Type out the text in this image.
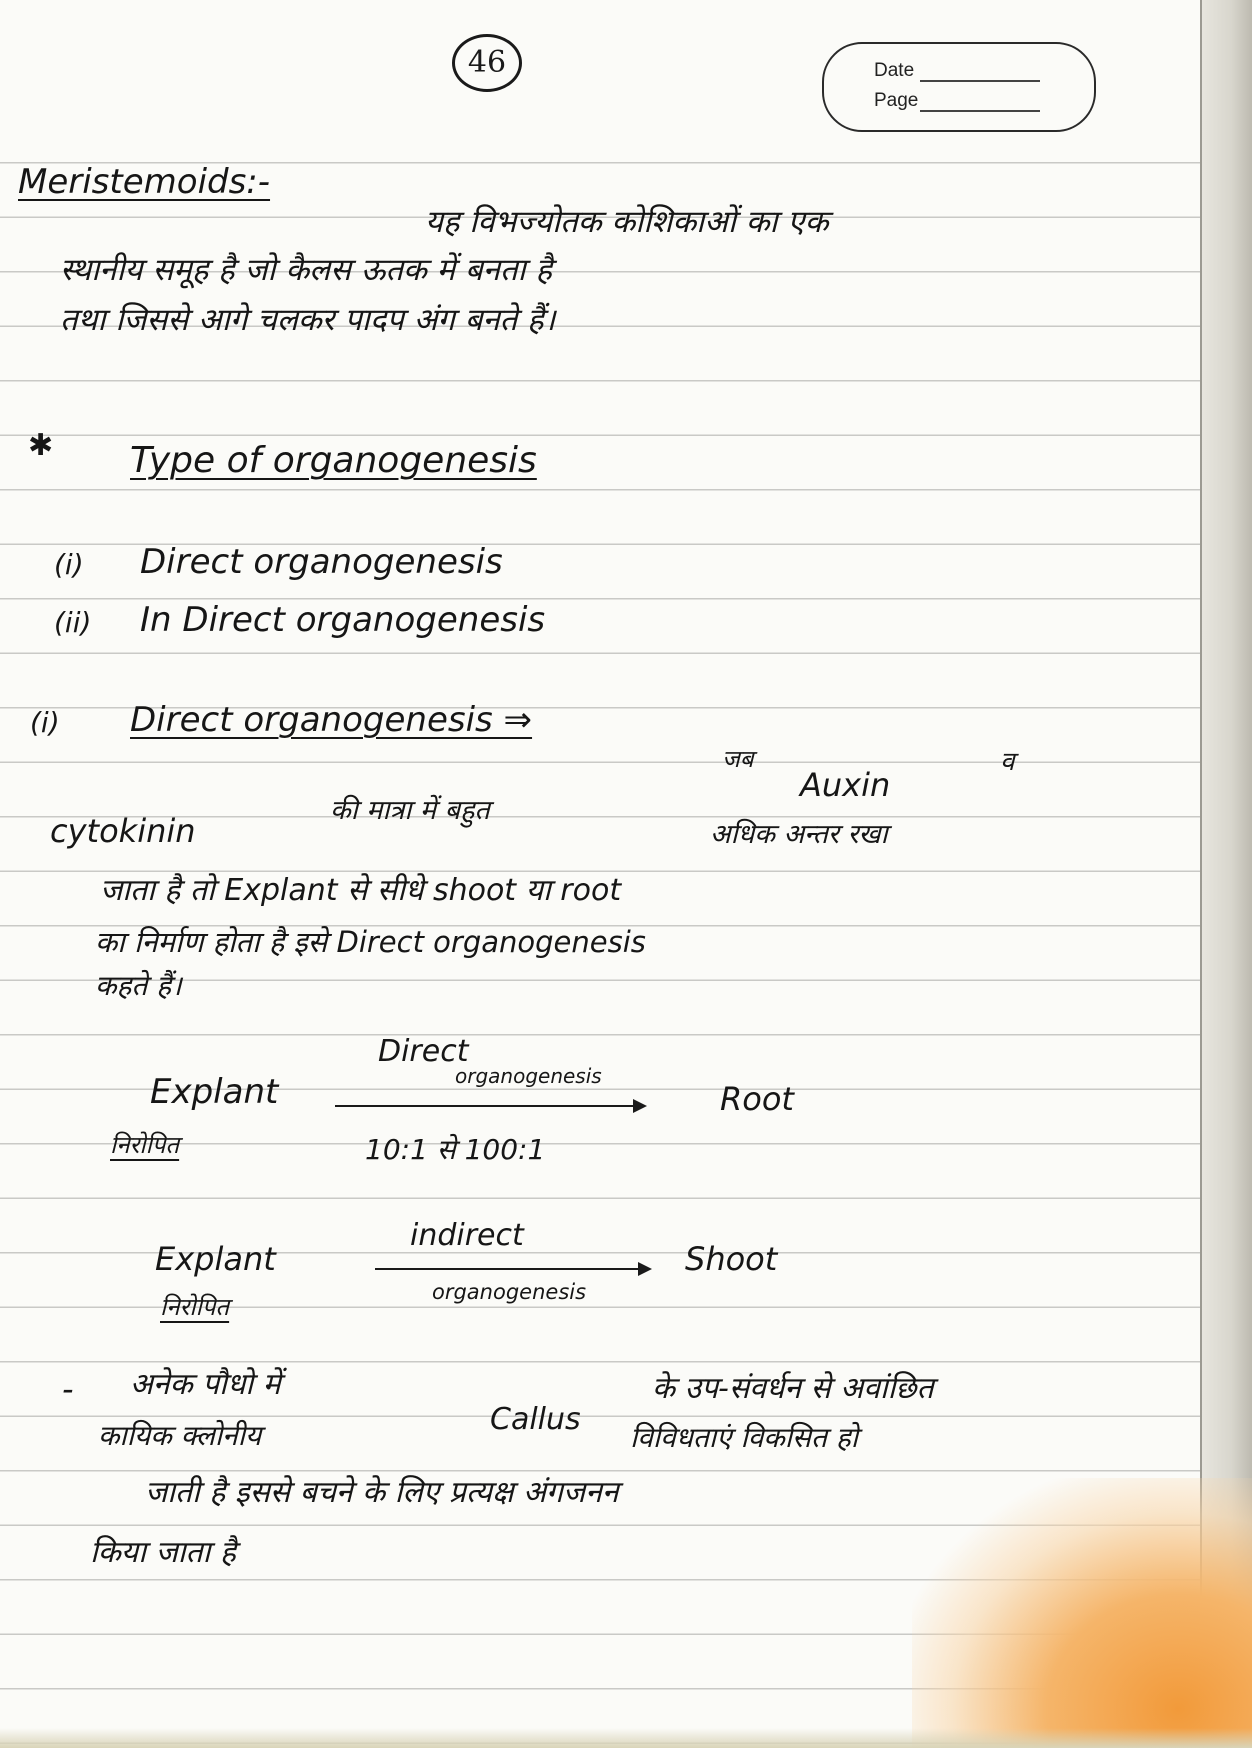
46	Date
Page
Meristemoids:-
यह विभज्योतक कोशिकाओं का एक
स्थानीय समूह है जो कैलस ऊतक में बनता है
तथा जिससे आगे चलकर पादप अंग बनते हैं।
✱ Type of organogenesis
(i) Direct organogenesis
(ii) In Direct organogenesis
(i) Direct organogenesis ⇒
जब
Auxin
व
cytokinin
की मात्रा में बहुत
अधिक अन्तर रखा
जाता है तो Explant से सीधे shoot या root
का निर्माण होता है इसे Direct organogenesis
कहते हैं।
Explant
निरोपित
Direct
organogenesis
10:1 से 100:1
Root
Explant
निरोपित
indirect
organogenesis
Shoot
- अनेक पौधो में	के उप-संवर्धन से अवांछित
कायिक क्लोनीय	Callus
विविधताएं विकसित हो
जाती है इससे बचने के लिए प्रत्यक्ष अंगजनन
किया जाता है
